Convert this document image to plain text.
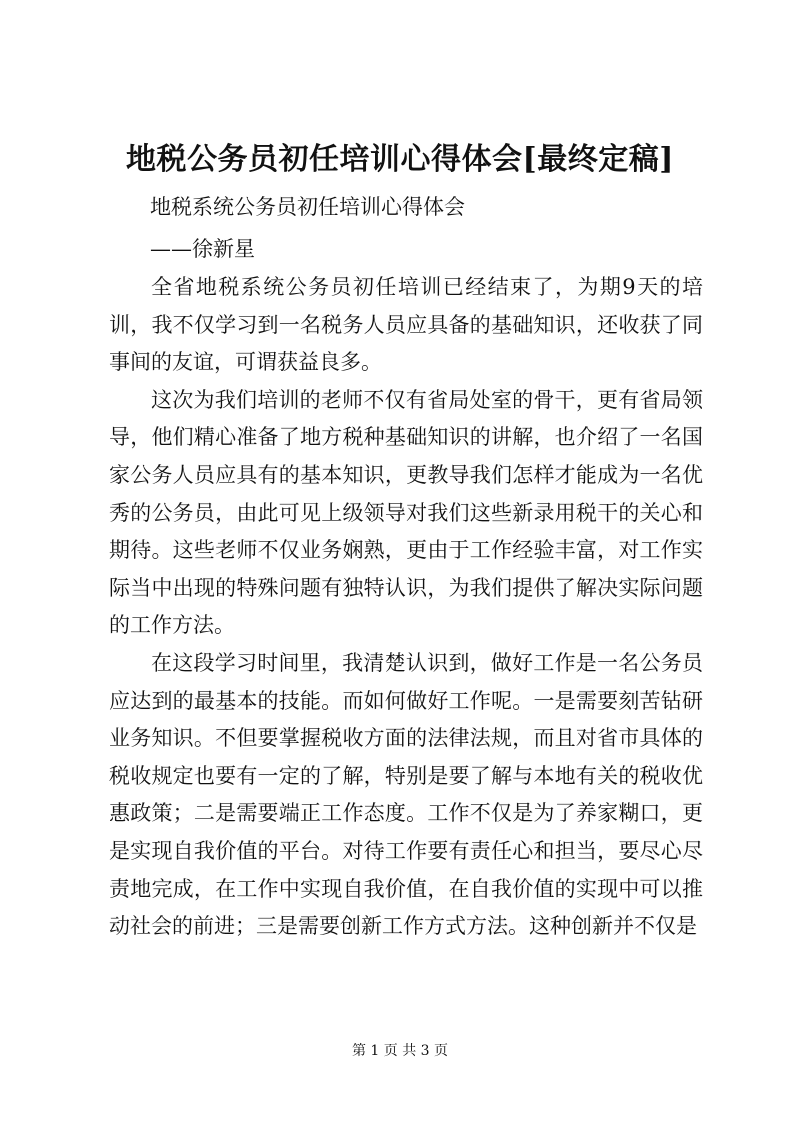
地税公务员初任培训心得体会[最终定稿]
地税系统公务员初任培训心得体会
——徐新星

全省地税系统公务员初任培训已经结束了，为期9天的培训，我不仅学习到一名税务人员应具备的基础知识，还收获了同事间的友谊，可谓获益良多。

这次为我们培训的老师不仅有省局处室的骨干，更有省局领导，他们精心准备了地方税种基础知识的讲解，也介绍了一名国家公务人员应具有的基本知识，更教导我们怎样才能成为一名优秀的公务员，由此可见上级领导对我们这些新录用税干的关心和期待。这些老师不仅业务娴熟，更由于工作经验丰富，对工作实际当中出现的特殊问题有独特认识，为我们提供了解决实际问题的工作方法。

在这段学习时间里，我清楚认识到，做好工作是一名公务员应达到的最基本的技能。而如何做好工作呢。一是需要刻苦钻研业务知识。不但要掌握税收方面的法律法规，而且对省市具体的税收规定也要有一定的了解，特别是要了解与本地有关的税收优惠政策；二是需要端正工作态度。工作不仅是为了养家糊口，更是实现自我价值的平台。对待工作要有责任心和担当，要尽心尽责地完成，在工作中实现自我价值，在自我价值的实现中可以推动社会的前进；三是需要创新工作方式方法。这种创新并不仅是

第 1 页 共 3 页
